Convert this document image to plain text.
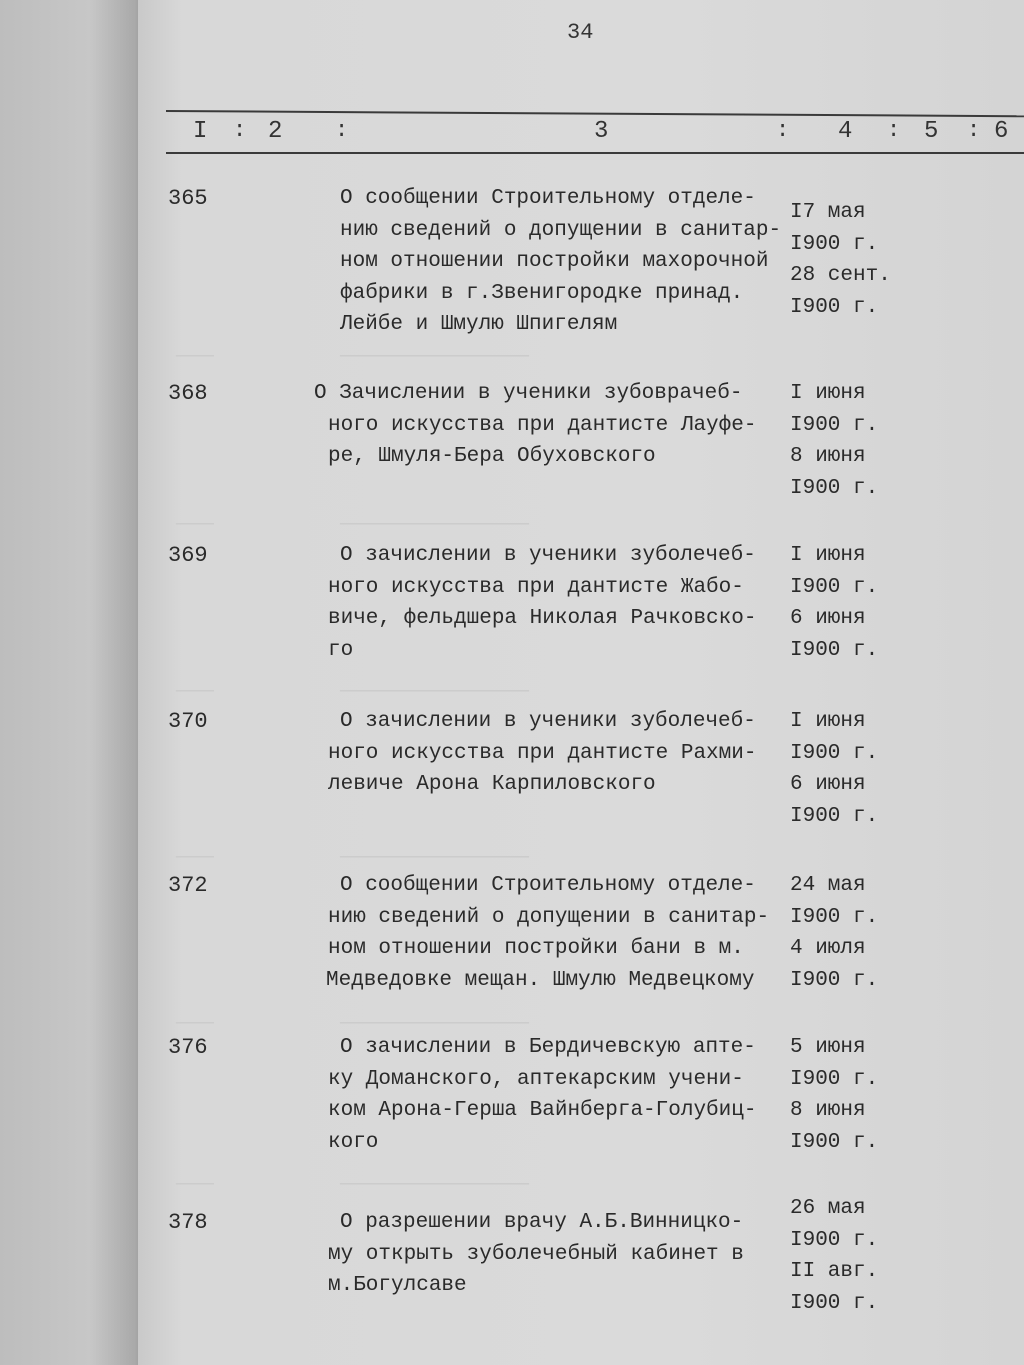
34
I : 2 :	3	: 4 : 5 : 6
———	———————————————
———	———————————————
———	———————————————
———	———————————————
———	———————————————
———	———————————————
365	О сообщении Строительному отделе-
нию сведений о допущении в санитар-
ном отношении постройки махорочной
фабрики в г.Звенигородке принад.
Лейбе и Шмулю Шпигелям
I7 мая
I900 г.
28 сент.
I900 г.
368	О Зачислении в ученики зубоврачеб-
ного искусства при дантисте Лауфе-
ре, Шмуля-Бера Обуховского
I июня
I900 г.
8 июня
I900 г.
369	О зачислении в ученики зуболечеб-
ного искусства при дантисте Жабо-
виче, фельдшера Николая Рачковско-
го
I июня
I900 г.
6 июня
I900 г.
370	О зачислении в ученики зуболечеб-
ного искусства при дантисте Рахми-
левиче Арона Карпиловского
I июня
I900 г.
6 июня
I900 г.
372	О сообщении Строительному отделе-
нию сведений о допущении в санитар-
ном отношении постройки бани в м.
Медведовке мещан. Шмулю Медвецкому
24 мая
I900 г.
4 июля
I900 г.
376	О зачислении в Бердичевскую апте-
ку Доманского, аптекарским учени-
ком Арона-Герша Вайнберга-Голубиц-
кого
5 июня
I900 г.
8 июня
I900 г.
378	О разрешении врачу А.Б.Винницко-
му открыть зуболечебный кабинет в
м.Богулсаве
26 мая
I900 г.
II авг.
I900 г.
